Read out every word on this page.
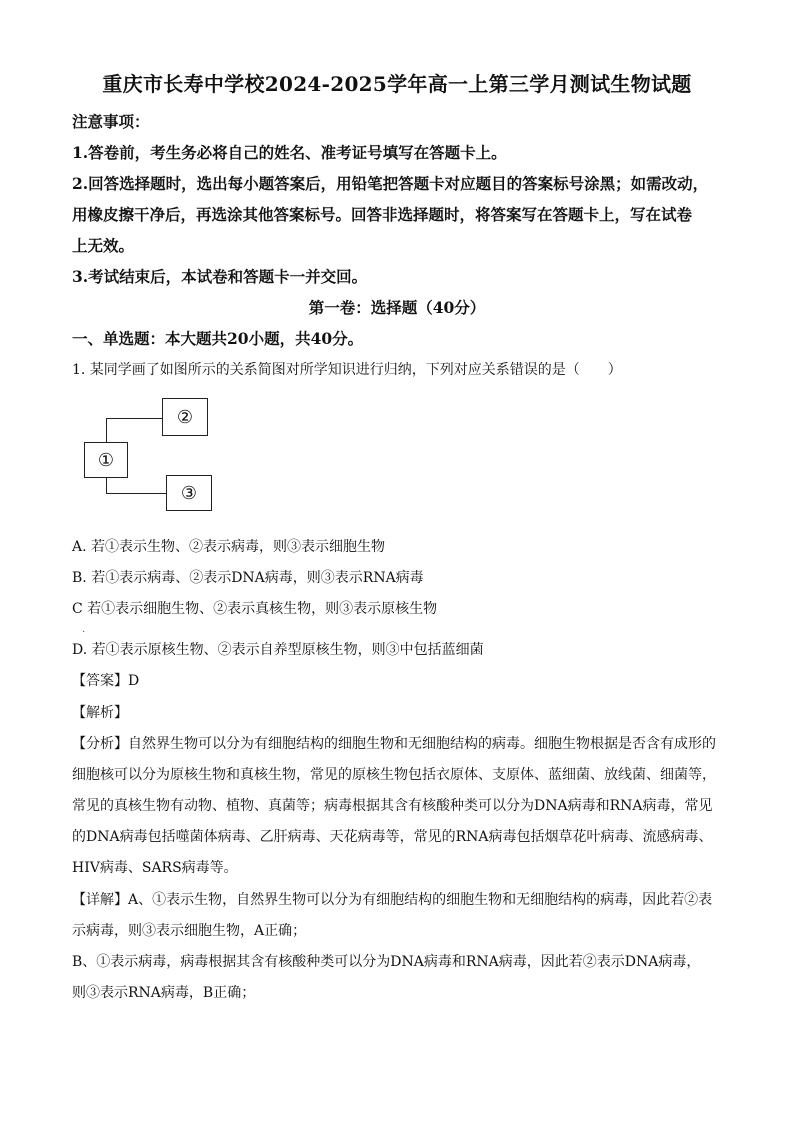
重庆市长寿中学校2024-2025学年高一上第三学月测试生物试题
注意事项：
1.答卷前，考生务必将自己的姓名、准考证号填写在答题卡上。
2.回答选择题时，选出每小题答案后，用铅笔把答题卡对应题目的答案标号涂黑；如需改动，
用橡皮擦干净后，再选涂其他答案标号。回答非选择题时，将答案写在答题卡上，写在试卷
上无效。
3.考试结束后，本试卷和答题卡一并交回。
第一卷：选择题（40分）
一、单选题：本大题共20小题，共40分。
1. 某同学画了如图所示的关系简图对所学知识进行归纳，下列对应关系错误的是（　　）
②
③
①
A. 若①表示生物、②表示病毒，则③表示细胞生物
B. 若①表示病毒、②表示DNA病毒，则③表示RNA病毒
C 若①表示细胞生物、②表示真核生物，则③表示原核生物
．
D. 若①表示原核生物、②表示自养型原核生物，则③中包括蓝细菌
【答案】D
【解析】
【分析】自然界生物可以分为有细胞结构的细胞生物和无细胞结构的病毒。细胞生物根据是否含有成形的
细胞核可以分为原核生物和真核生物，常见的原核生物包括衣原体、支原体、蓝细菌、放线菌、细菌等，
常见的真核生物有动物、植物、真菌等；病毒根据其含有核酸种类可以分为DNA病毒和RNA病毒，常见
的DNA病毒包括噬菌体病毒、乙肝病毒、天花病毒等，常见的RNA病毒包括烟草花叶病毒、流感病毒、
HIV病毒、SARS病毒等。
【详解】A、①表示生物，自然界生物可以分为有细胞结构的细胞生物和无细胞结构的病毒，因此若②表
示病毒，则③表示细胞生物，A正确；
B、①表示病毒，病毒根据其含有核酸种类可以分为DNA病毒和RNA病毒，因此若②表示DNA病毒，
则③表示RNA病毒，B正确；
